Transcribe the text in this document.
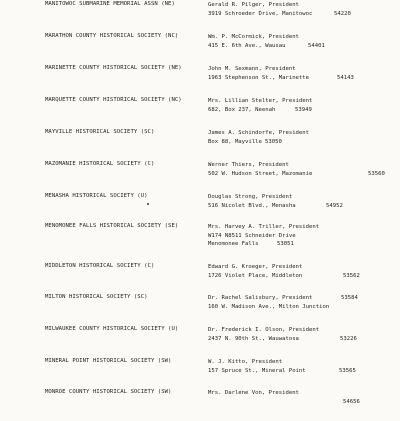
MANITOWOC SUBMARINE MEMORIAL ASSN (NE)	Gerald R. Pilger, President
3919 Schroeder Drive, Manitowoc	54220
MARATHON COUNTY HISTORICAL SOCIETY (NC)	Wm. P. McCormick, President
415 E. 6th Ave., Wausau	54401
MARINETTE COUNTY HISTORICAL SOCIETY (NE)	John M. Sexmann, President
1963 Stephenson St., Marinette	54143
MARQUETTE COUNTY HISTORICAL SOCIETY (NC)	Mrs. Lillian Stelter, President
682, Box 237, Neenah	53949
MAYVILLE HISTORICAL SOCIETY (SC)	James A. Schindorfe, President
Box 88, Mayville 53050
MAZOMANIE HISTORICAL SOCIETY (C)	Werner Thiers, President
502 W. Hudson Street, Mazomanie	53560
MENASHA HISTORICAL SOCIETY (U)	Douglas Strong, President
516 Nicolet Blvd., Menasha	54952
MENOMONEE FALLS HISTORICAL SOCIETY (SE)	Mrs. Harvey A. Triller, President
W174 N8511 Schneider Drive
Menomonee Falls	53051
MIDDLETON HISTORICAL SOCIETY (C)	Edward G. Kroeger, President
1726 Violet Place, Middleton	53562
MILTON HISTORICAL SOCIETY (SC)	Dr. Rachel Salisbury, President	53584
160 W. Madison Ave., Milton Junction
MILWAUKEE COUNTY HISTORICAL SOCIETY (U)	Dr. Frederick I. Olson, President
2437 N. 90th St., Wauwatosa	53226
MINERAL POINT HISTORICAL SOCIETY (SW)	W. J. Kitto, President
157 Spruce St., Mineral Point	53565
MONROE COUNTY HISTORICAL SOCIETY (SW)	Mrs. Darlene Von, President
54656
